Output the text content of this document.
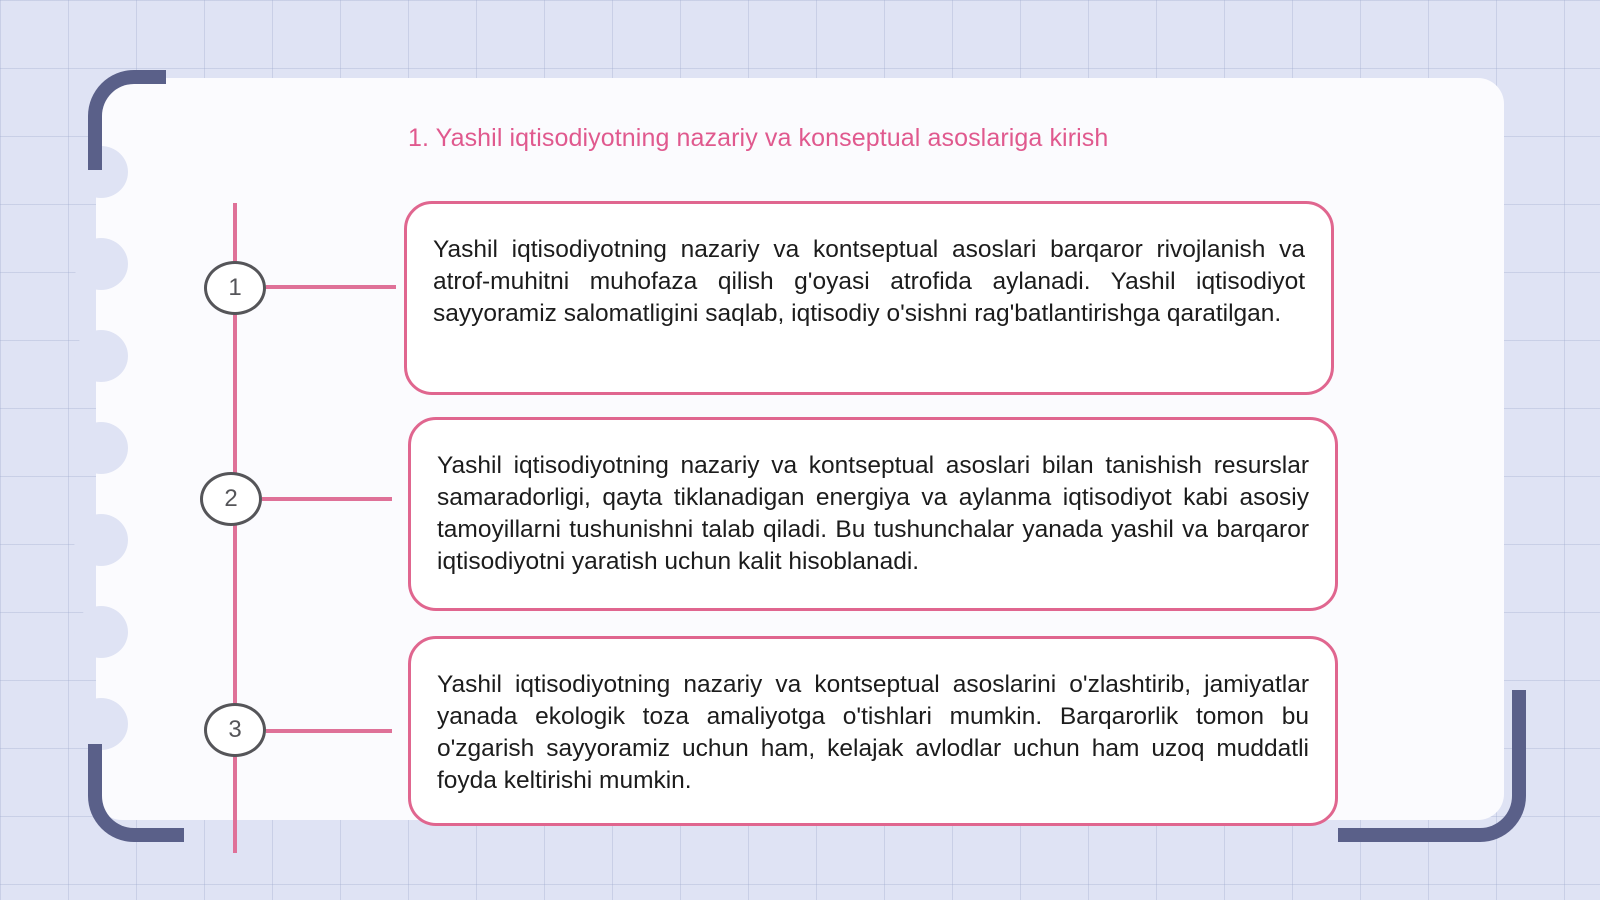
1. Yashil iqtisodiyotning nazariy va konseptual asoslariga kirish
1
2
3
Yashil iqtisodiyotning nazariy va kontseptual asoslari barqaror rivojlanish va atrof-muhitni muhofaza qilish g'oyasi atrofida aylanadi. Yashil iqtisodiyot sayyoramiz salomatligini saqlab, iqtisodiy o'sishni rag'batlantirishga qaratilgan.
Yashil iqtisodiyotning nazariy va kontseptual asoslari bilan tanishish resurslar samaradorligi, qayta tiklanadigan energiya va aylanma iqtisodiyot kabi asosiy tamoyillarni tushunishni talab qiladi. Bu tushunchalar yanada yashil va barqaror iqtisodiyotni yaratish uchun kalit hisoblanadi.
Yashil iqtisodiyotning nazariy va kontseptual asoslarini o'zlashtirib, jamiyatlar yanada ekologik toza amaliyotga o'tishlari mumkin. Barqarorlik tomon bu o'zgarish sayyoramiz uchun ham, kelajak avlodlar uchun ham uzoq muddatli foyda keltirishi mumkin.
